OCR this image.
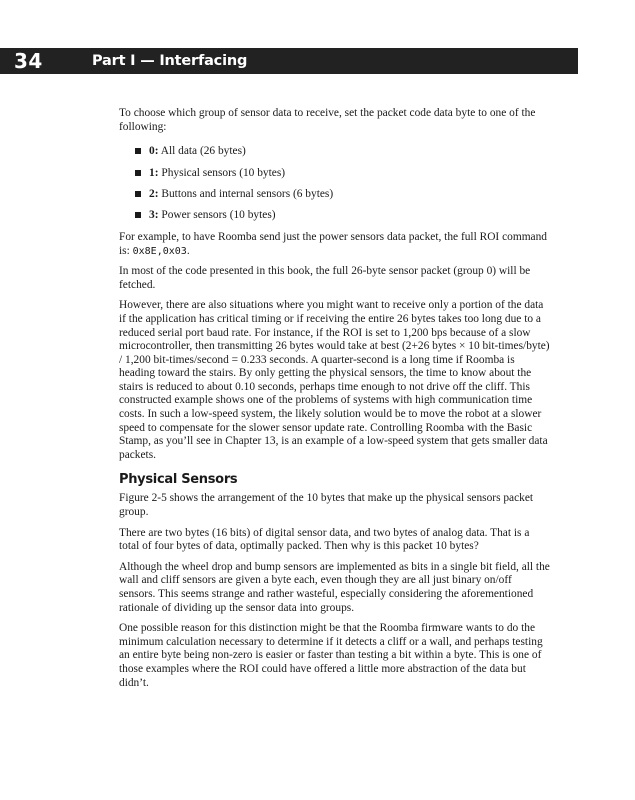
34	Part I — Interfacing

To choose which group of sensor data to receive, set the packet code data byte to one of the following:

0: All data (26 bytes)
1: Physical sensors (10 bytes)
2: Buttons and internal sensors (6 bytes)
3: Power sensors (10 bytes)

For example, to have Roomba send just the power sensors data packet, the full ROI command is: 0x8E,0x03.

In most of the code presented in this book, the full 26-byte sensor packet (group 0) will be fetched.

However, there are also situations where you might want to receive only a portion of the data if the application has critical timing or if receiving the entire 26 bytes takes too long due to a reduced serial port baud rate. For instance, if the ROI is set to 1,200 bps because of a slow microcontroller, then transmitting 26 bytes would take at best (2+26 bytes × 10 bit-times/byte) / 1,200 bit-times/second = 0.233 seconds. A quarter-second is a long time if Roomba is heading toward the stairs. By only getting the physical sensors, the time to know about the stairs is reduced to about 0.10 seconds, perhaps time enough to not drive off the cliff. This constructed example shows one of the problems of systems with high communication time costs. In such a low-speed system, the likely solution would be to move the robot at a slower speed to compensate for the slower sensor update rate. Controlling Roomba with the Basic Stamp, as you’ll see in Chapter 13, is an example of a low-speed system that gets smaller data packets.

Physical Sensors

Figure 2-5 shows the arrangement of the 10 bytes that make up the physical sensors packet group.

There are two bytes (16 bits) of digital sensor data, and two bytes of analog data. That is a total of four bytes of data, optimally packed. Then why is this packet 10 bytes?

Although the wheel drop and bump sensors are implemented as bits in a single bit field, all the wall and cliff sensors are given a byte each, even though they are all just binary on/off sensors. This seems strange and rather wasteful, especially considering the aforementioned rationale of dividing up the sensor data into groups.

One possible reason for this distinction might be that the Roomba firmware wants to do the minimum calculation necessary to determine if it detects a cliff or a wall, and perhaps testing an entire byte being non-zero is easier or faster than testing a bit within a byte. This is one of those examples where the ROI could have offered a little more abstraction of the data but didn’t.
